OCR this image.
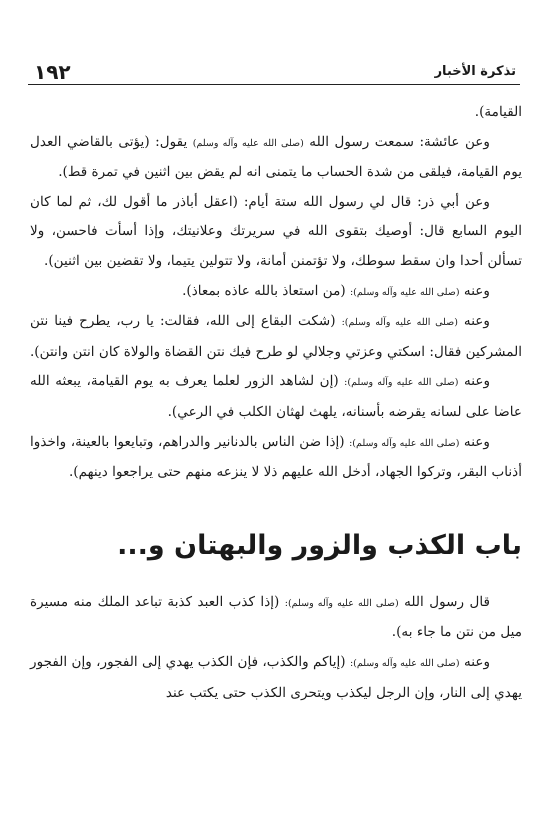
١٩٢	تذكرة الأخبار

القيامة).

وعن عائشة: سمعت رسول الله (صلى الله عليه وآله وسلم) يقول: (يؤتى بالقاضي العدل يوم القيامة، فيلقى من شدة الحساب ما يتمنى انه لم يقض بين اثنين في تمرة قط).

وعن أبي ذر: قال لي رسول الله ستة أيام: (اعقل أباذر ما أقول لك، ثم لما كان اليوم السابع قال: أوصيك بتقوى الله في سريرتك وعلانيتك، وإذا أسأت فاحسن، ولا تسألن أحدا وان سقط سوطك، ولا تؤتمنن أمانة، ولا تتولين يتيما، ولا تقضين بين اثنين).

وعنه (صلى الله عليه وآله وسلم): (من استعاذ بالله عاذه بمعاذ).

وعنه (صلى الله عليه وآله وسلم): (شكت البقاع إلى الله، فقالت: يا رب، يطرح فينا نتن المشركين فقال: اسكتي وعزتي وجلالي لو طرح فيك نتن القضاة والولاة كان انتن وانتن).

وعنه (صلى الله عليه وآله وسلم): (إن لشاهد الزور لعلما يعرف به يوم القيامة، يبعثه الله عاضا على لسانه يقرضه بأسنانه، يلهث لهثان الكلب في الرعي).

وعنه (صلى الله عليه وآله وسلم): (إذا ضن الناس بالدنانير والدراهم، وتبايعوا بالعينة، واخذوا أذناب البقر، وتركوا الجهاد، أدخل الله عليهم ذلا لا ينزعه منهم حتى يراجعوا دينهم).

باب الكذب والزور والبهتان و...

قال رسول الله (صلى الله عليه وآله وسلم): (إذا كذب العبد كذبة تباعد الملك منه مسيرة ميل من نتن ما جاء به).

وعنه (صلى الله عليه وآله وسلم): (إياكم والكذب، فإن الكذب يهدي إلى الفجور، وإن الفجور يهدي إلى النار، وإن الرجل ليكذب ويتحرى الكذب حتى يكتب عند
